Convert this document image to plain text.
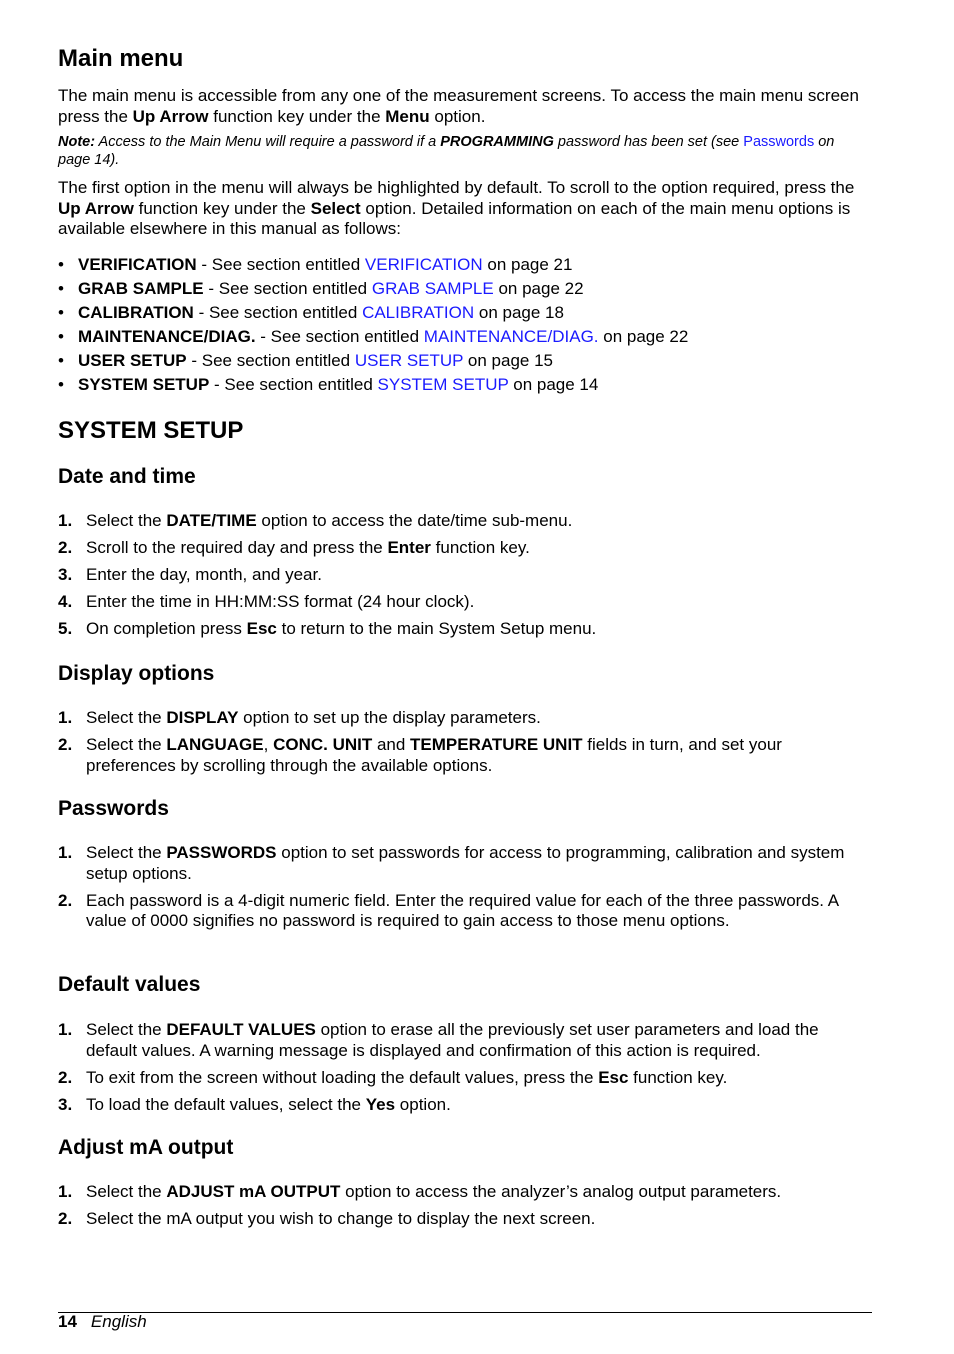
Main menu
The main menu is accessible from any one of the measurement screens. To access the main menu screen press the Up Arrow function key under the Menu option.
Note: Access to the Main Menu will require a password if a PROGRAMMING password has been set (see Passwords on page 14).
The first option in the menu will always be highlighted by default. To scroll to the option required, press the Up Arrow function key under the Select option. Detailed information on each of the main menu options is available elsewhere in this manual as follows:
• VERIFICATION - See section entitled VERIFICATION on page 21
• GRAB SAMPLE - See section entitled GRAB SAMPLE on page 22
• CALIBRATION - See section entitled CALIBRATION on page 18
• MAINTENANCE/DIAG. - See section entitled MAINTENANCE/DIAG. on page 22
• USER SETUP - See section entitled USER SETUP on page 15
• SYSTEM SETUP - See section entitled SYSTEM SETUP on page 14
SYSTEM SETUP
Date and time
1. Select the DATE/TIME option to access the date/time sub-menu.
2. Scroll to the required day and press the Enter function key.
3. Enter the day, month, and year.
4. Enter the time in HH:MM:SS format (24 hour clock).
5. On completion press Esc to return to the main System Setup menu.
Display options
1. Select the DISPLAY option to set up the display parameters.
2. Select the LANGUAGE, CONC. UNIT and TEMPERATURE UNIT fields in turn, and set your preferences by scrolling through the available options.
Passwords
1. Select the PASSWORDS option to set passwords for access to programming, calibration and system setup options.
2. Each password is a 4-digit numeric field. Enter the required value for each of the three passwords. A value of 0000 signifies no password is required to gain access to those menu options.
Default values
1. Select the DEFAULT VALUES option to erase all the previously set user parameters and load the default values. A warning message is displayed and confirmation of this action is required.
2. To exit from the screen without loading the default values, press the Esc function key.
3. To load the default values, select the Yes option.
Adjust mA output
1. Select the ADJUST mA OUTPUT option to access the analyzer’s analog output parameters.
2. Select the mA output you wish to change to display the next screen.
14 English
